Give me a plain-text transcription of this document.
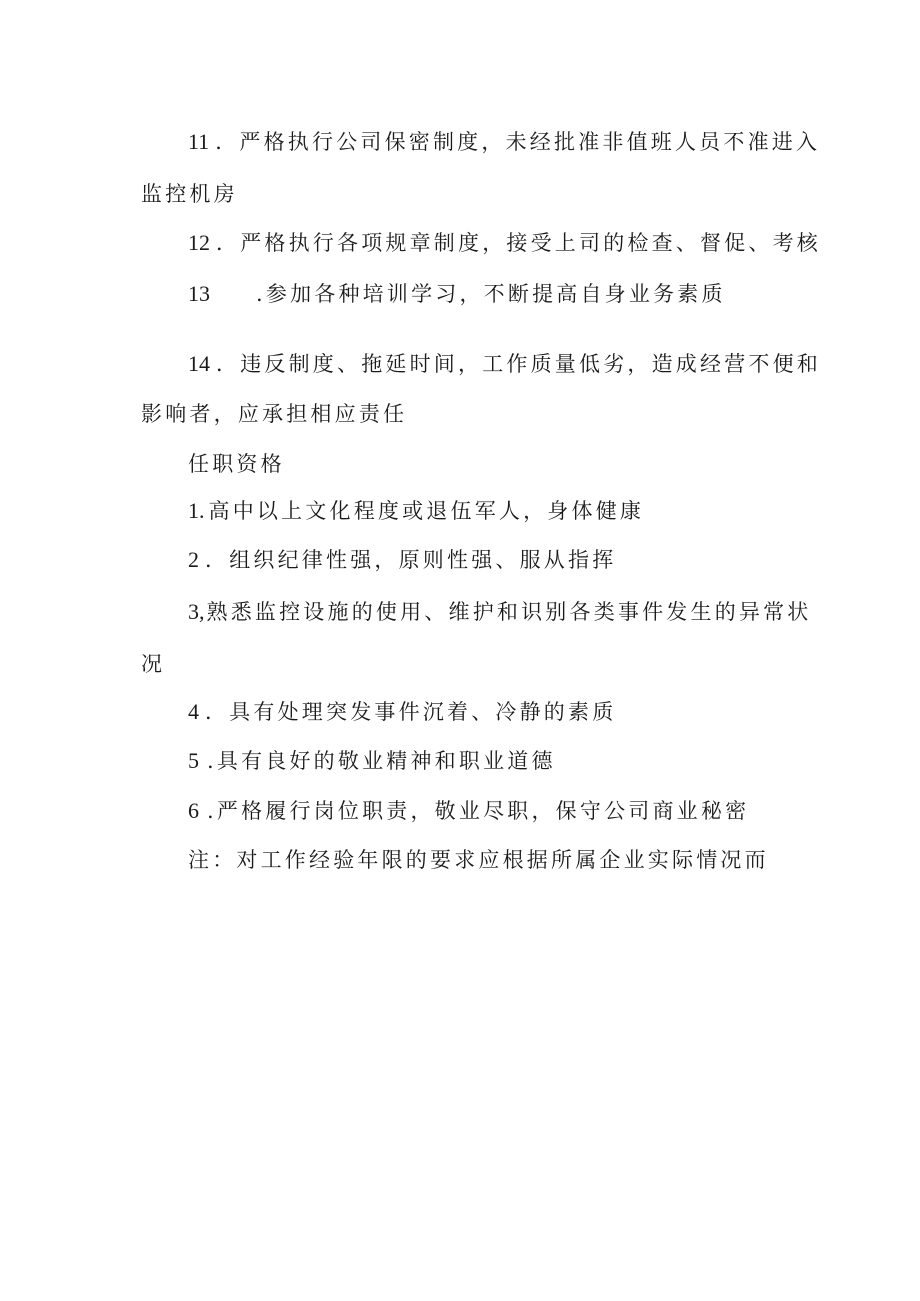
11 ．严格执行公司保密制度，未经批准非值班人员不准进入
监控机房
12 ．严格执行各项规章制度，接受上司的检查、督促、考核
13 .参加各种培训学习，不断提高自身业务素质
14 ．违反制度、拖延时间，工作质量低劣，造成经营不便和
影响者，应承担相应责任
任职资格
1. 高中以上文化程度或退伍军人，身体健康
2 ．组织纪律性强，原则性强、服从指挥
3,熟悉监控设施的使用、维护和识别各类事件发生的异常状
况
4 ．具有处理突发事件沉着、冷静的素质
5 .具有良好的敬业精神和职业道德
6 .严格履行岗位职责，敬业尽职，保守公司商业秘密
注：对工作经验年限的要求应根据所属企业实际情况而
